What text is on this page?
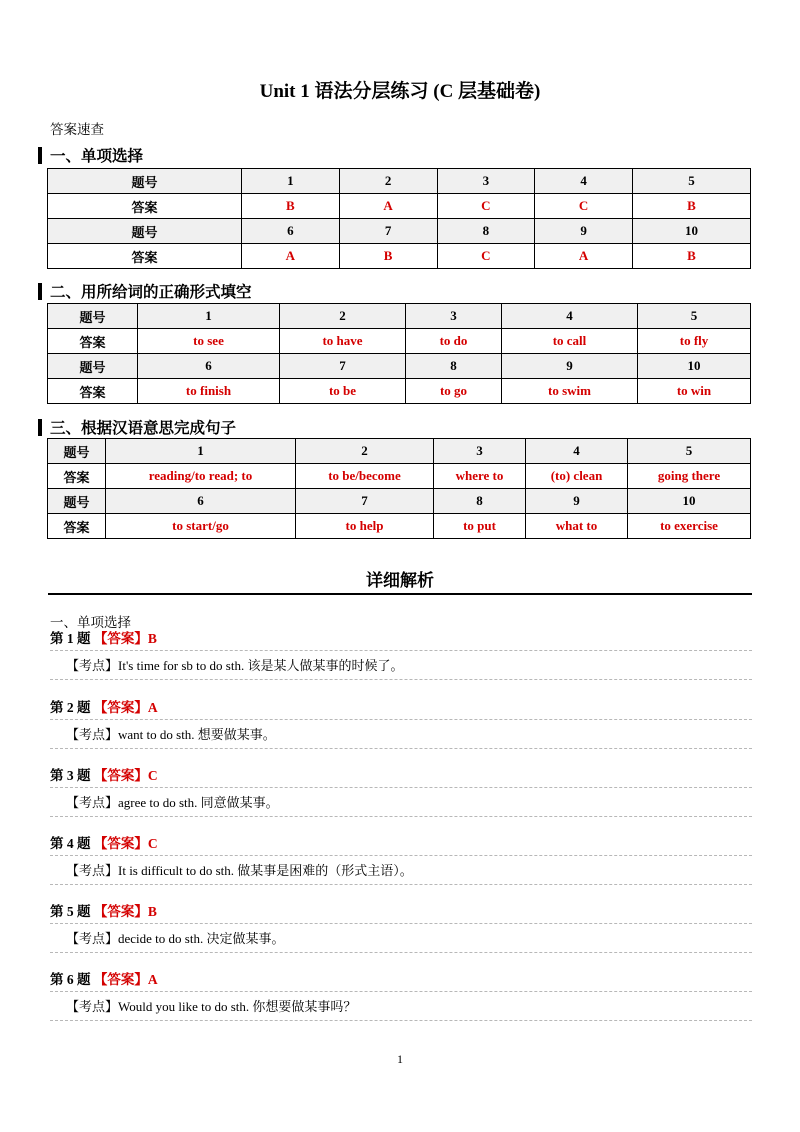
Unit 1 语法分层练习 (C 层基础卷)
答案速查
一、单项选择
题号	1	2	3	4	5
答案	B	A	C	C	B
题号	6	7	8	9	10
答案	A	B	C	A	B
二、用所给词的正确形式填空
题号	1	2	3	4	5
答案	to see	to have	to do	to call	to fly
题号	6	7	8	9	10
答案	to finish	to be	to go	to swim	to win
三、根据汉语意思完成句子
题号	1	2	3	4	5
答案	reading/to read; to	to be/become	where to	(to) clean	going there
题号	6	7	8	9	10
答案	to start/go	to help	to put	what to	to exercise
详细解析
一、单项选择
第 1 题 【答案】B
【考点】It's time for sb to do sth. 该是某人做某事的时候了。
第 2 题 【答案】A
【考点】want to do sth. 想要做某事。
第 3 题 【答案】C
【考点】agree to do sth. 同意做某事。
第 4 题 【答案】C
【考点】It is difficult to do sth. 做某事是困难的（形式主语）。
第 5 题 【答案】B
【考点】decide to do sth. 决定做某事。
第 6 题 【答案】A
【考点】Would you like to do sth. 你想要做某事吗？
1
